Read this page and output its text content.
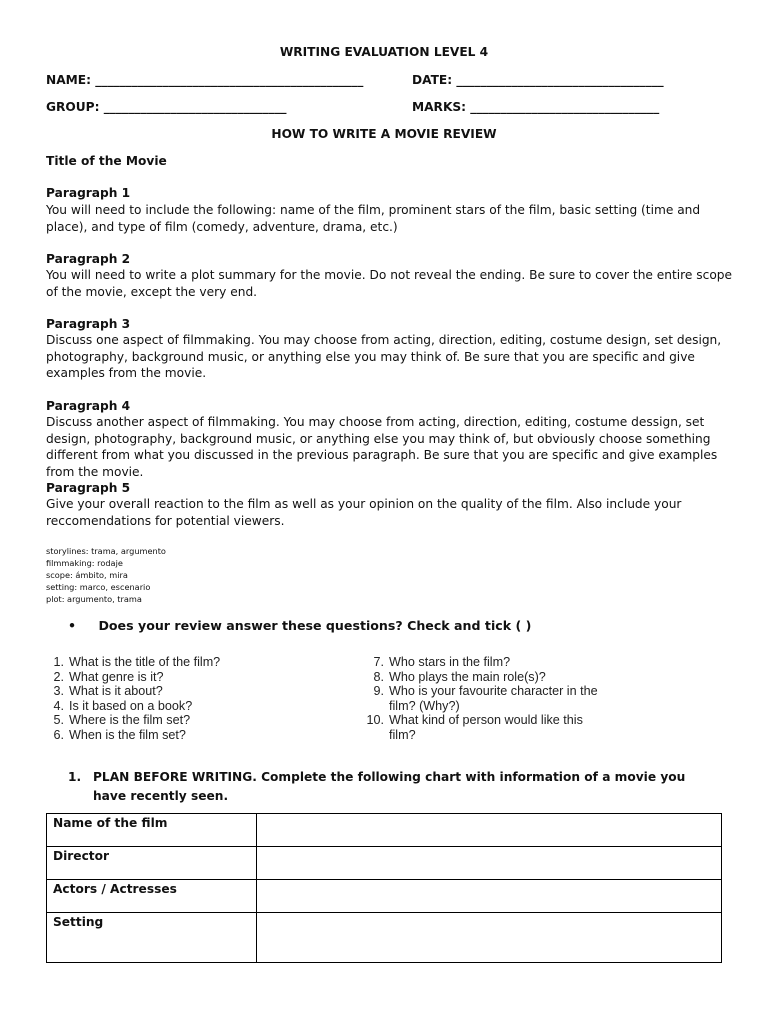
WRITING EVALUATION LEVEL 4
NAME: ____________________________________________	DATE: __________________________________
GROUP: ______________________________	MARKS: _______________________________
HOW TO WRITE A MOVIE REVIEW
Title of the Movie
Paragraph 1
You will need to include the following: name of the film, prominent stars of the film, basic setting (time and place), and type of film (comedy, adventure, drama, etc.)
Paragraph 2
You will need to write a plot summary for the movie. Do not reveal the ending. Be sure to cover the entire scope of the movie, except the very end.
Paragraph 3
Discuss one aspect of filmmaking. You may choose from acting, direction, editing, costume design, set design, photography, background music, or anything else you may think of. Be sure that you are specific and give examples from the movie.
Paragraph 4
Discuss another aspect of filmmaking. You may choose from acting, direction, editing, costume dessign, set design, photography, background music, or anything else you may think of, but obviously choose something different from what you discussed in the previous paragraph. Be sure that you are specific and give examples from the movie.
Paragraph 5
Give your overall reaction to the film as well as your opinion on the quality of the film. Also include your reccomendations for potential viewers.
storylines: trama, argumento
filmmaking: rodaje
scope: ámbito, mira
setting: marco, escenario
plot: argumento, trama
• Does your review answer these questions? Check and tick ( )
1. What is the title of the film?
2. What genre is it?
3. What is it about?
4. Is it based on a book?
5. Where is the film set?
6. When is the film set?
7. Who stars in the film?
8. Who plays the main role(s)?
9. Who is your favourite character in the
film? (Why?)
10. What kind of person would like this
film?
1. PLAN BEFORE WRITING. Complete the following chart with information of a movie you have recently seen.
Name of the film	
Director	
Actors / Actresses	
Setting	
